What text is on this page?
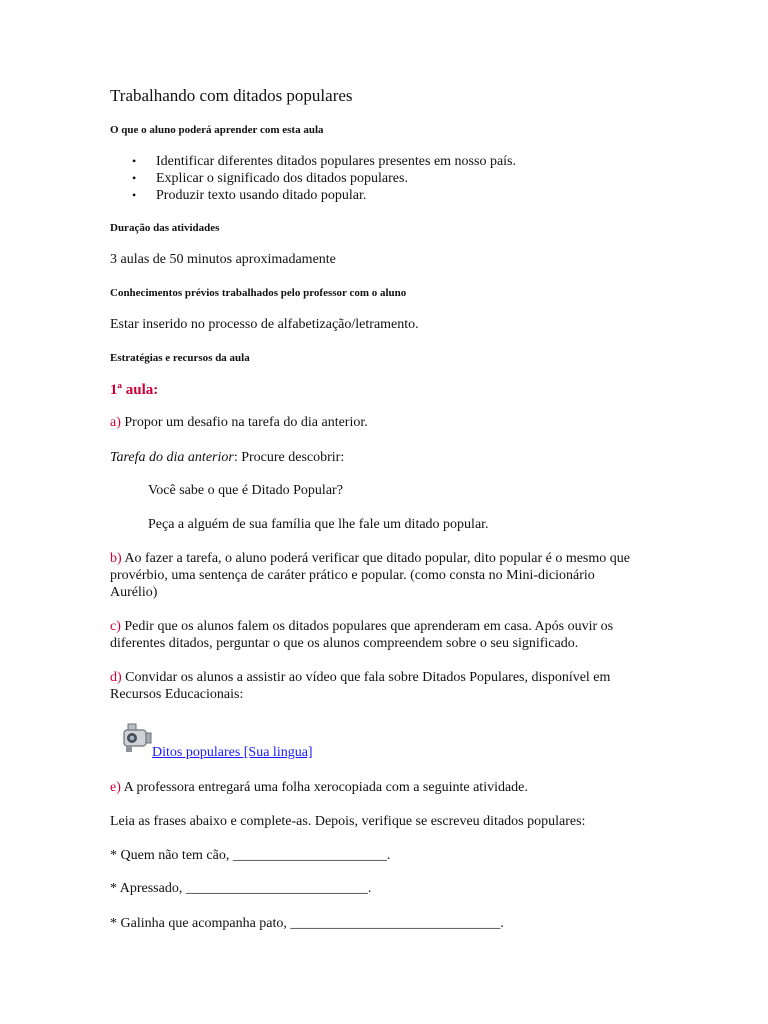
Trabalhando com ditados populares
O que o aluno poderá aprender com esta aula
• Identificar diferentes ditados populares presentes em nosso país.
• Explicar o significado dos ditados populares.
• Produzir texto usando ditado popular.
Duração das atividades
3 aulas de 50 minutos aproximadamente
Conhecimentos prévios trabalhados pelo professor com o aluno
Estar inserido no processo de alfabetização/letramento.
Estratégias e recursos da aula
1ª aula:
a) Propor um desafio na tarefa do dia anterior.
Tarefa do dia anterior: Procure descobrir:
Você sabe o que é Ditado Popular?
Peça a alguém de sua família que lhe fale um ditado popular.
b) Ao fazer a tarefa, o aluno poderá verificar que ditado popular, dito popular é o mesmo que provérbio, uma sentença de caráter prático e popular. (como consta no Mini-dicionário Aurélio)
c) Pedir que os alunos falem os ditados populares que aprenderam em casa. Após ouvir os diferentes ditados, perguntar o que os alunos compreendem sobre o seu significado.
d) Convidar os alunos a assistir ao vídeo que fala sobre Ditados Populares, disponível em Recursos Educacionais:
Ditos populares [Sua lingua]
e) A professora entregará uma folha xerocopiada com a seguinte atividade.
Leia as frases abaixo e complete-as. Depois, verifique se escreveu ditados populares:
* Quem não tem cão, ______________________.
* Apressado, __________________________.
* Galinha que acompanha pato, ______________________________.
